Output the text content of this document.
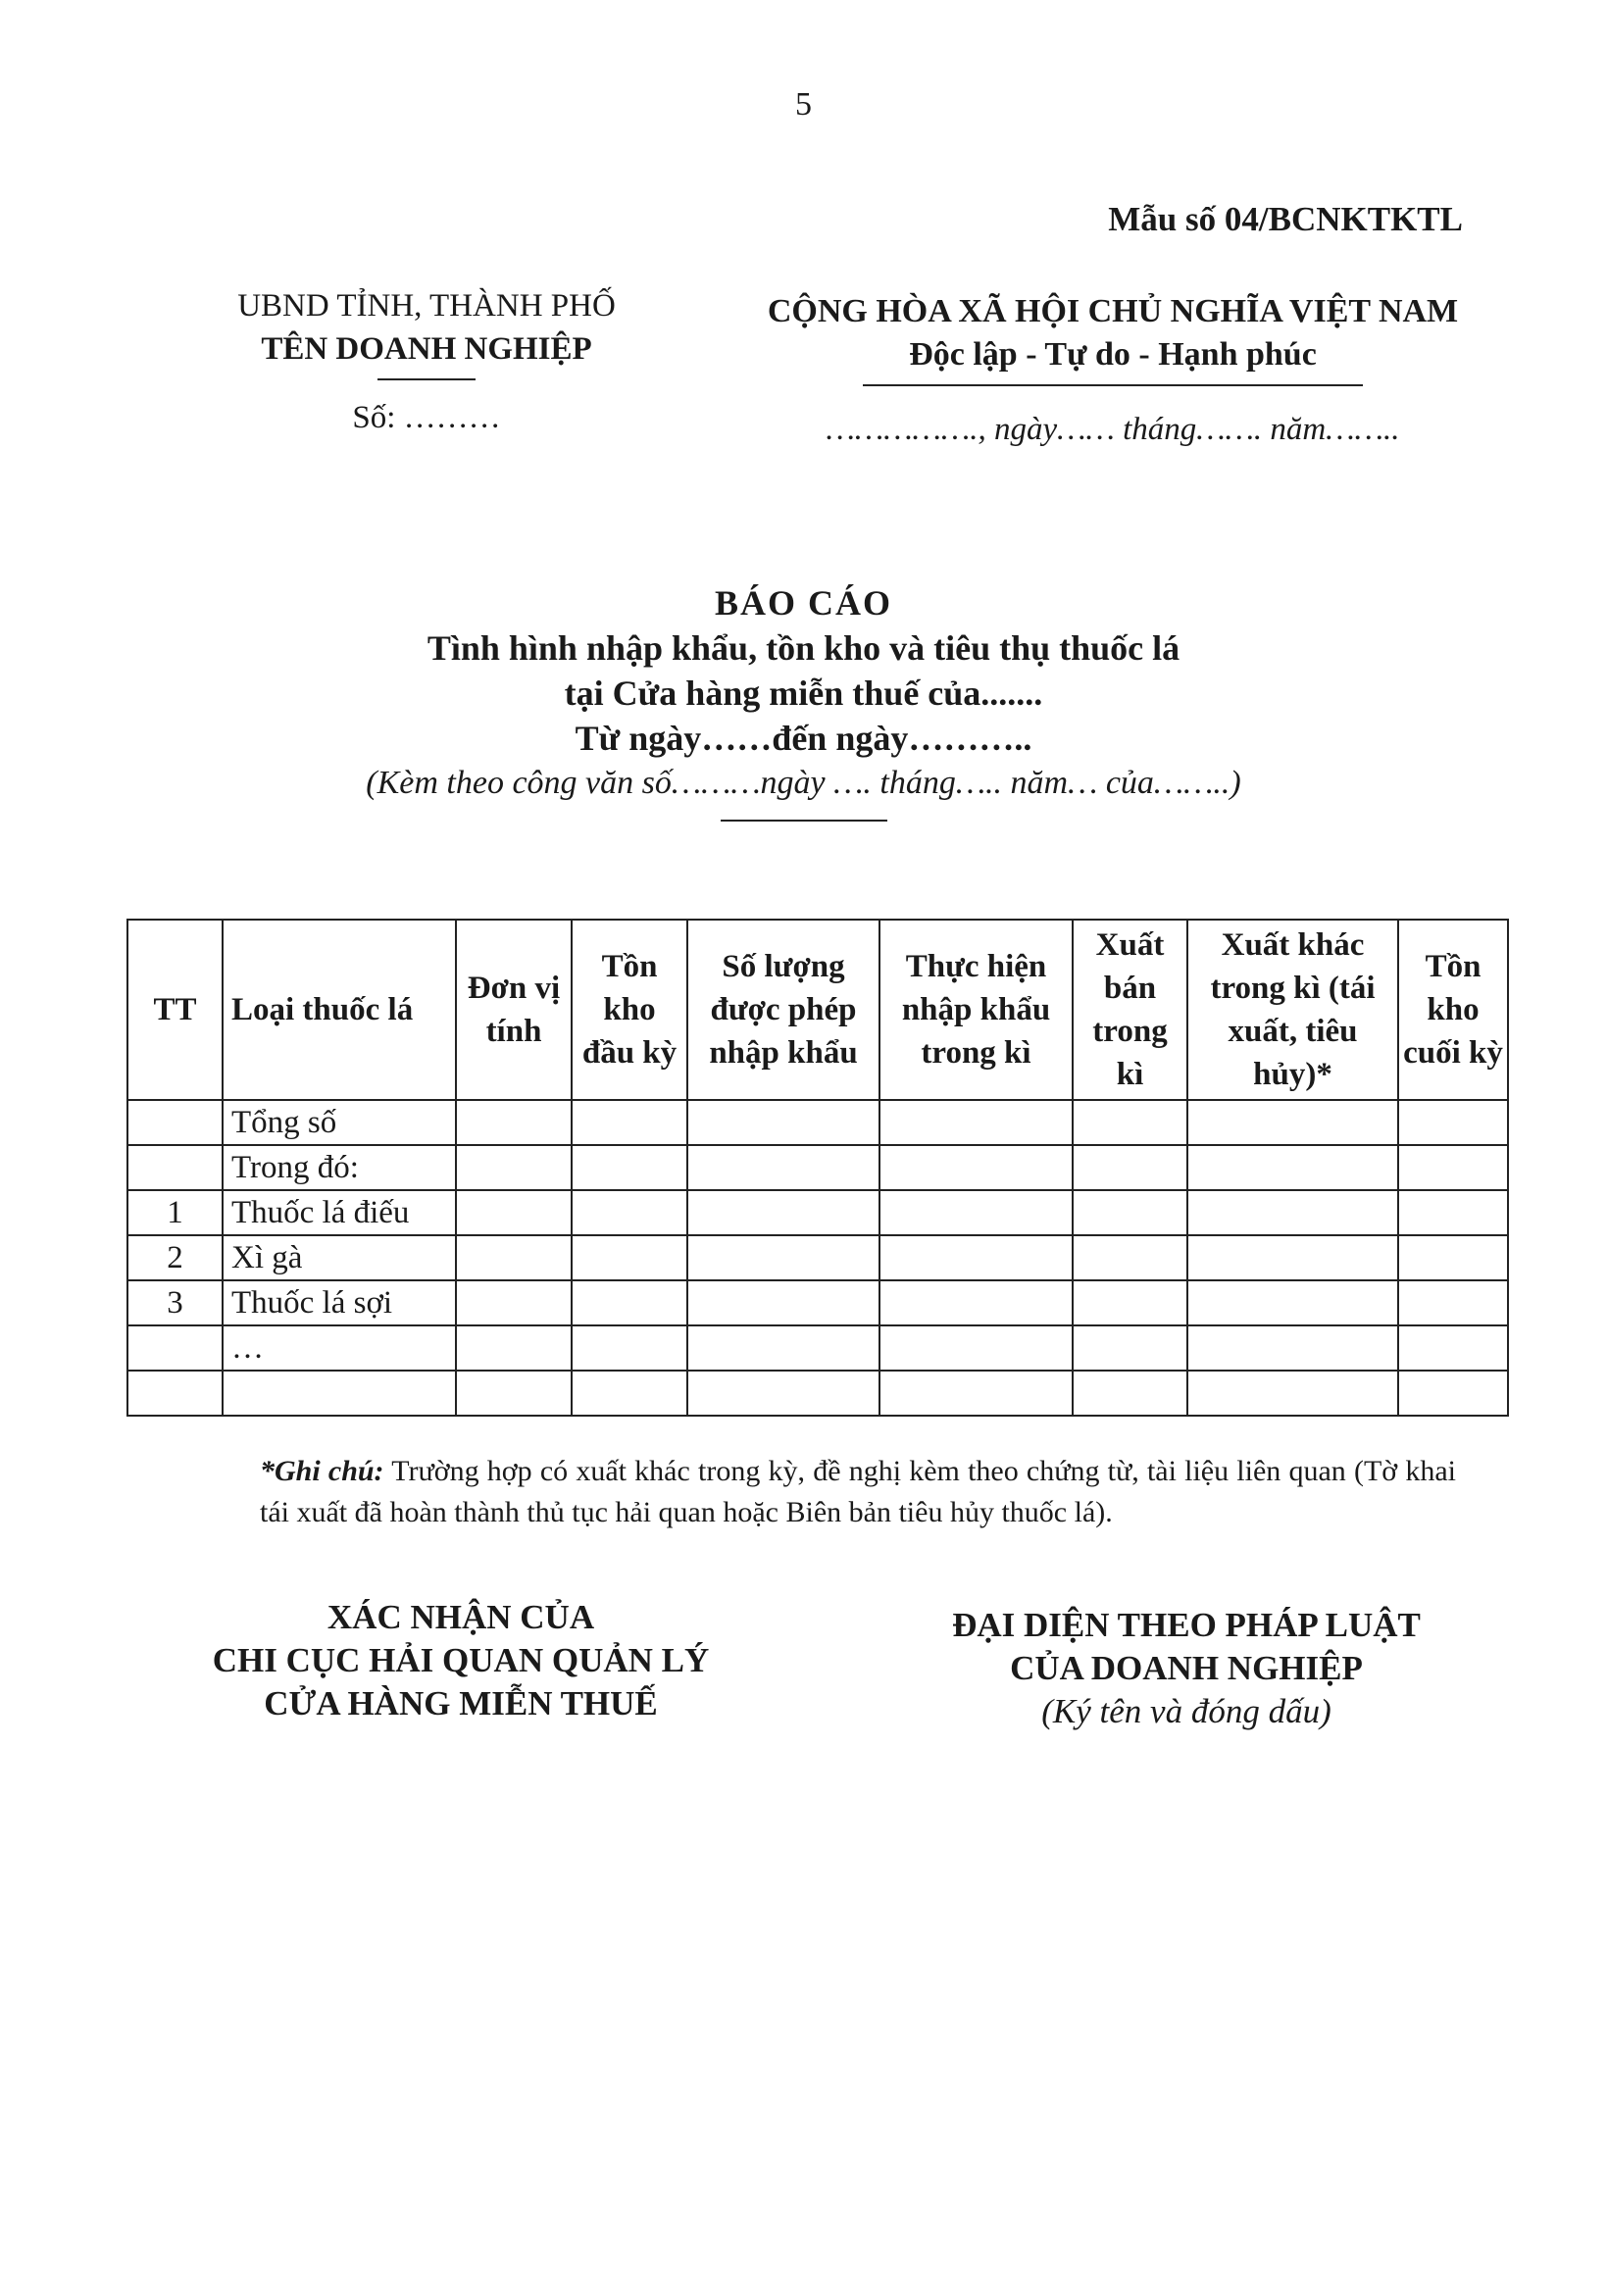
5
Mẫu số 04/BCNKTKTL
UBND TỈNH, THÀNH PHỐ
TÊN DOANH NGHIỆP
Số: ………
CỘNG HÒA XÃ HỘI CHỦ NGHĨA VIỆT NAM
Độc lập - Tự do - Hạnh phúc
……………., ngày…… tháng……. năm……..
BÁO CÁO
Tình hình nhập khẩu, tồn kho và tiêu thụ thuốc lá
tại Cửa hàng miễn thuế của.......
Từ ngày……đến ngày………..
(Kèm theo công văn số………ngày …. tháng….. năm… của……..)
TT	Loại thuốc lá	Đơn vị tính	Tồn kho đầu kỳ	Số lượng được phép nhập khẩu	Thực hiện nhập khẩu trong kì	Xuất bán trong kì	Xuất khác trong kì (tái xuất, tiêu hủy)*	Tồn kho cuối kỳ
	Tổng số							
	Trong đó:							
1	Thuốc lá điếu							
2	Xì gà							
3	Thuốc lá sợi							
	…							

*Ghi chú: Trường hợp có xuất khác trong kỳ, đề nghị kèm theo chứng từ, tài liệu liên quan (Tờ khai tái xuất đã hoàn thành thủ tục hải quan hoặc Biên bản tiêu hủy thuốc lá).
XÁC NHẬN CỦA
CHI CỤC HẢI QUAN QUẢN LÝ
CỬA HÀNG MIỄN THUẾ
ĐẠI DIỆN THEO PHÁP LUẬT
CỦA DOANH NGHIỆP
(Ký tên và đóng dấu)
